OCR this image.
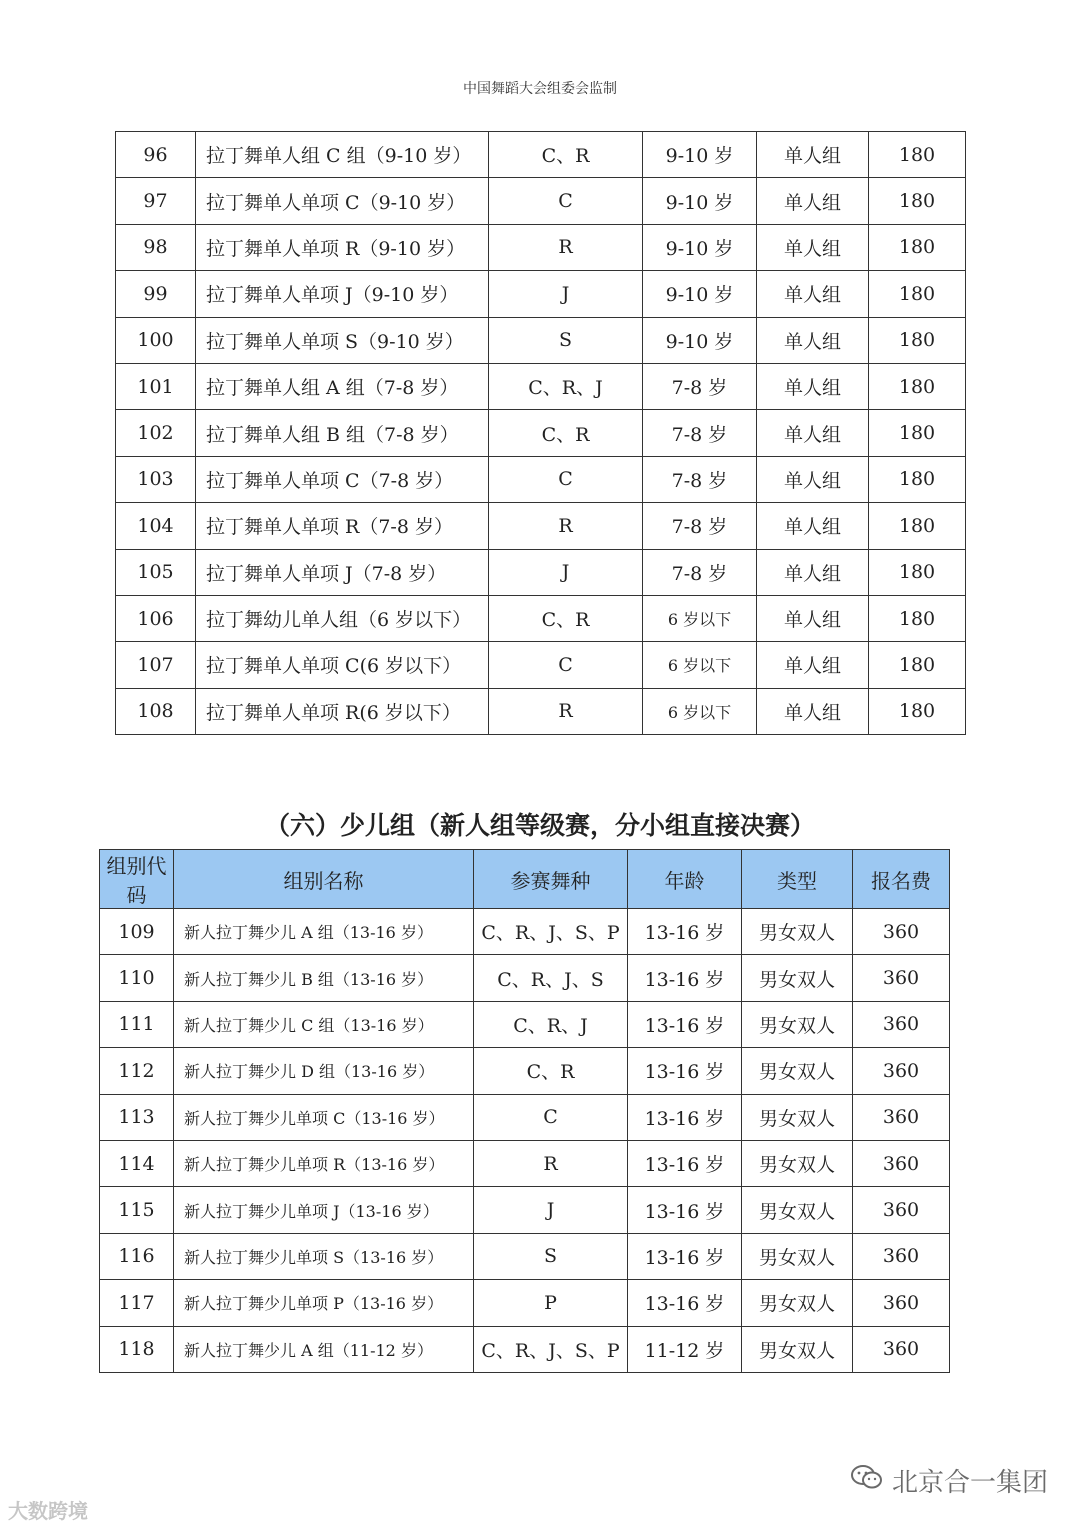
中国舞蹈大会组委会监制
96	拉丁舞单人组 C 组（9-10 岁）	C、R	9-10 岁	单人组	180
97	拉丁舞单人单项 C（9-10 岁）	C	9-10 岁	单人组	180
98	拉丁舞单人单项 R（9-10 岁）	R	9-10 岁	单人组	180
99	拉丁舞单人单项 J（9-10 岁）	J	9-10 岁	单人组	180
100	拉丁舞单人单项 S（9-10 岁）	S	9-10 岁	单人组	180
101	拉丁舞单人组 A 组（7-8 岁）	C、R、J	7-8 岁	单人组	180
102	拉丁舞单人组 B 组（7-8 岁）	C、R	7-8 岁	单人组	180
103	拉丁舞单人单项 C（7-8 岁）	C	7-8 岁	单人组	180
104	拉丁舞单人单项 R（7-8 岁）	R	7-8 岁	单人组	180
105	拉丁舞单人单项 J（7-8 岁）	J	7-8 岁	单人组	180
106	拉丁舞幼儿单人组（6 岁以下）	C、R	6 岁以下	单人组	180
107	拉丁舞单人单项 C(6 岁以下）	C	6 岁以下	单人组	180
108	拉丁舞单人单项 R(6 岁以下）	R	6 岁以下	单人组	180
（六）少儿组（新人组等级赛，分小组直接决赛）
组别代码	组别名称	参赛舞种	年龄	类型	报名费
109	新人拉丁舞少儿 A 组（13-16 岁）	C、R、J、S、P	13-16 岁	男女双人	360
110	新人拉丁舞少儿 B 组（13-16 岁）	C、R、J、S	13-16 岁	男女双人	360
111	新人拉丁舞少儿 C 组（13-16 岁）	C、R、J	13-16 岁	男女双人	360
112	新人拉丁舞少儿 D 组（13-16 岁）	C、R	13-16 岁	男女双人	360
113	新人拉丁舞少儿单项 C（13-16 岁）	C	13-16 岁	男女双人	360
114	新人拉丁舞少儿单项 R（13-16 岁）	R	13-16 岁	男女双人	360
115	新人拉丁舞少儿单项 J（13-16 岁）	J	13-16 岁	男女双人	360
116	新人拉丁舞少儿单项 S（13-16 岁）	S	13-16 岁	男女双人	360
117	新人拉丁舞少儿单项 P（13-16 岁）	P	13-16 岁	男女双人	360
118	新人拉丁舞少儿 A 组（11-12 岁）	C、R、J、S、P	11-12 岁	男女双人	360
大数跨境
北京合一集团
